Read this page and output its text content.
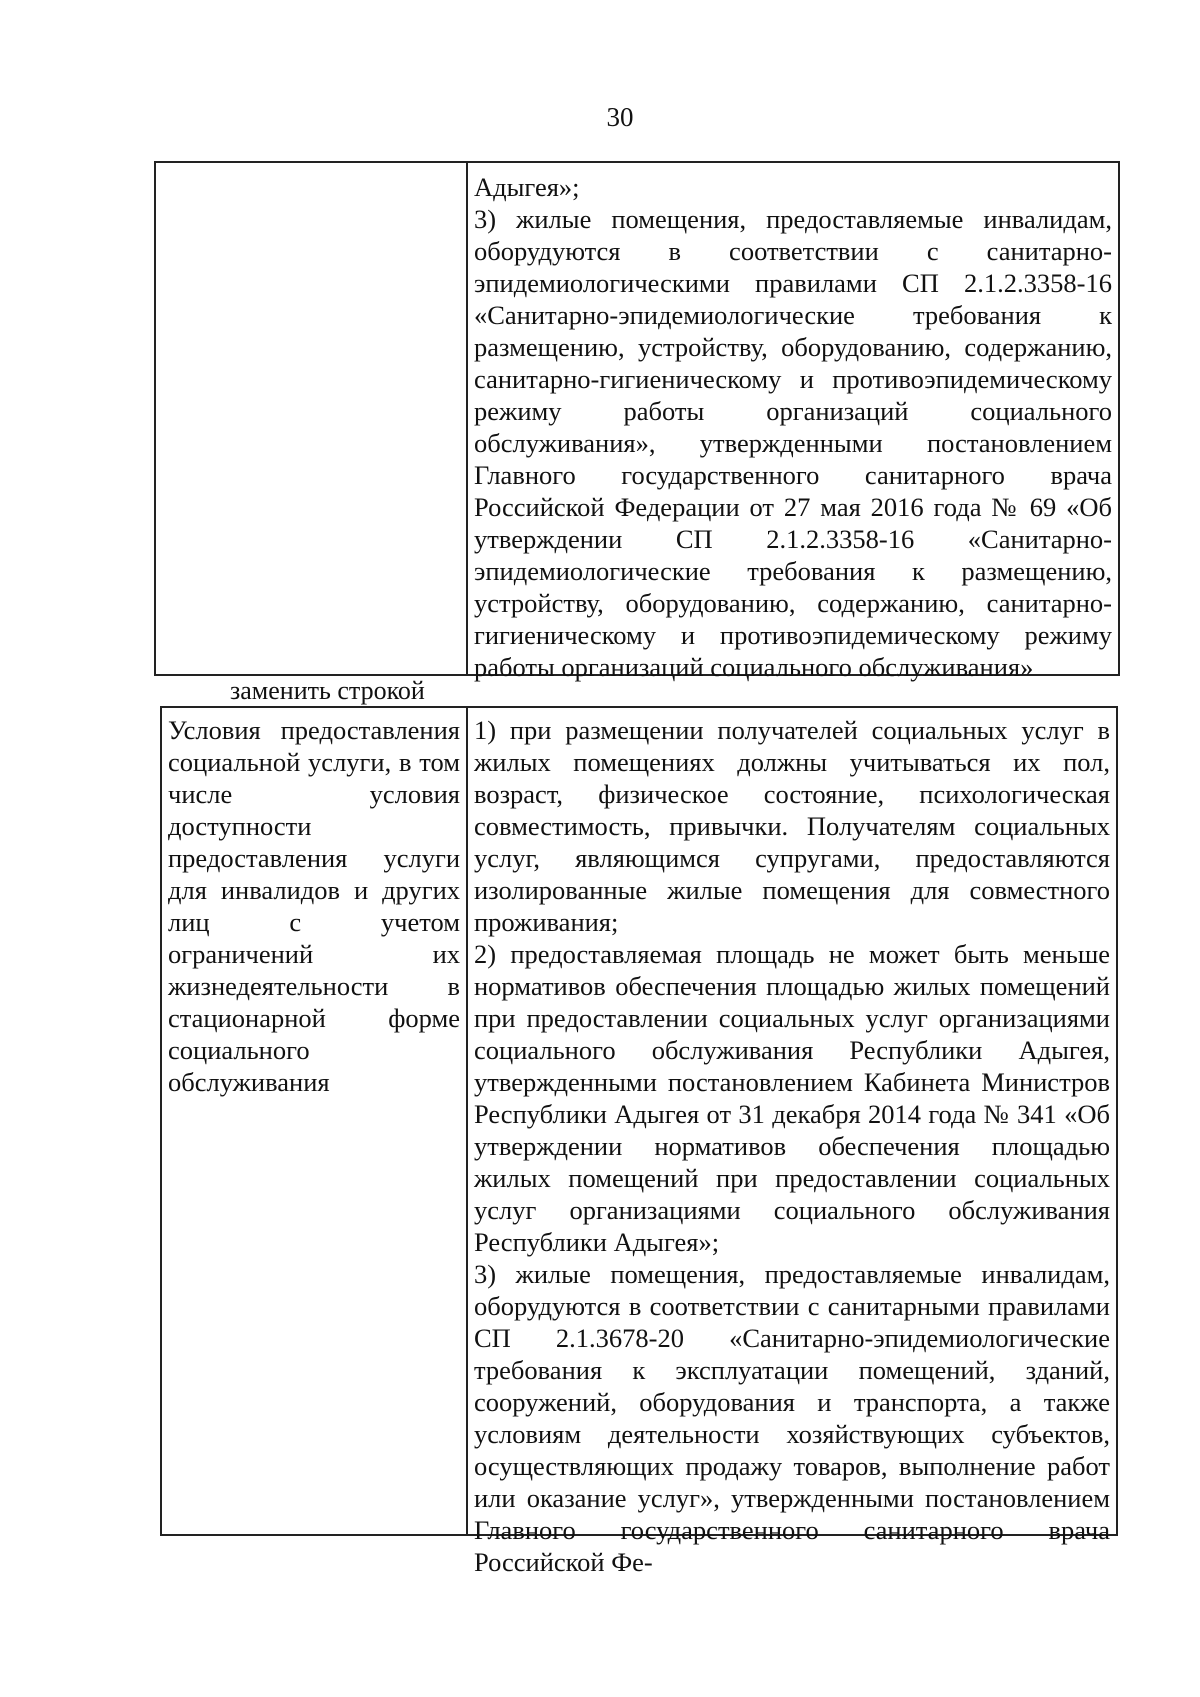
30

Адыгея»;

3) жилые помещения, предоставляемые инвалидам, оборудуются в соответствии с санитарно-эпидемиологическими правилами СП 2.1.2.3358-16 «Санитарно-эпидемиологические требования к размещению, устройству, оборудованию, содержанию, санитарно-гигиеническому и противоэпидемическому режиму работы организаций социального обслуживания», утвержденными постановлением Главного государственного санитарного врача Российской Федерации от 27 мая 2016 года № 69 «Об утверждении СП 2.1.2.3358-16 «Санитарно-эпидемиологические требования к размещению, устройству, оборудованию, содержанию, санитарно-гигиеническому и противоэпидемическому режиму работы организаций социального обслуживания»

заменить строкой
Условия предоставления социальной услуги, в том числе условия доступности предоставления услуги для инвалидов и других лиц с учетом ограничений их жизнедеятельности в стационарной форме социального обслуживания

1) при размещении получателей социальных услуг в жилых помещениях должны учитываться их пол, возраст, физическое состояние, психологическая совместимость, привычки. Получателям социальных услуг, являющимся супругами, предоставляются изолированные жилые помещения для совместного проживания;

2) предоставляемая площадь не может быть меньше нормативов обеспечения площадью жилых помещений при предоставлении социальных услуг организациями социального обслуживания Республики Адыгея, утвержденными постановлением Кабинета Министров Республики Адыгея от 31 декабря 2014 года № 341 «Об утверждении нормативов обеспечения площадью жилых помещений при предоставлении социальных услуг организациями социального обслуживания Республики Адыгея»;

3) жилые помещения, предоставляемые инвалидам, оборудуются в соответствии с санитарными правилами СП 2.1.3678-20 «Санитарно-эпидемиологические требования к эксплуатации помещений, зданий, сооружений, оборудования и транспорта, а также условиям деятельности хозяйствующих субъектов, осуществляющих продажу товаров, выполнение работ или оказание услуг», утвержденными постановлением Главного государственного санитарного врача Российской Фе-
